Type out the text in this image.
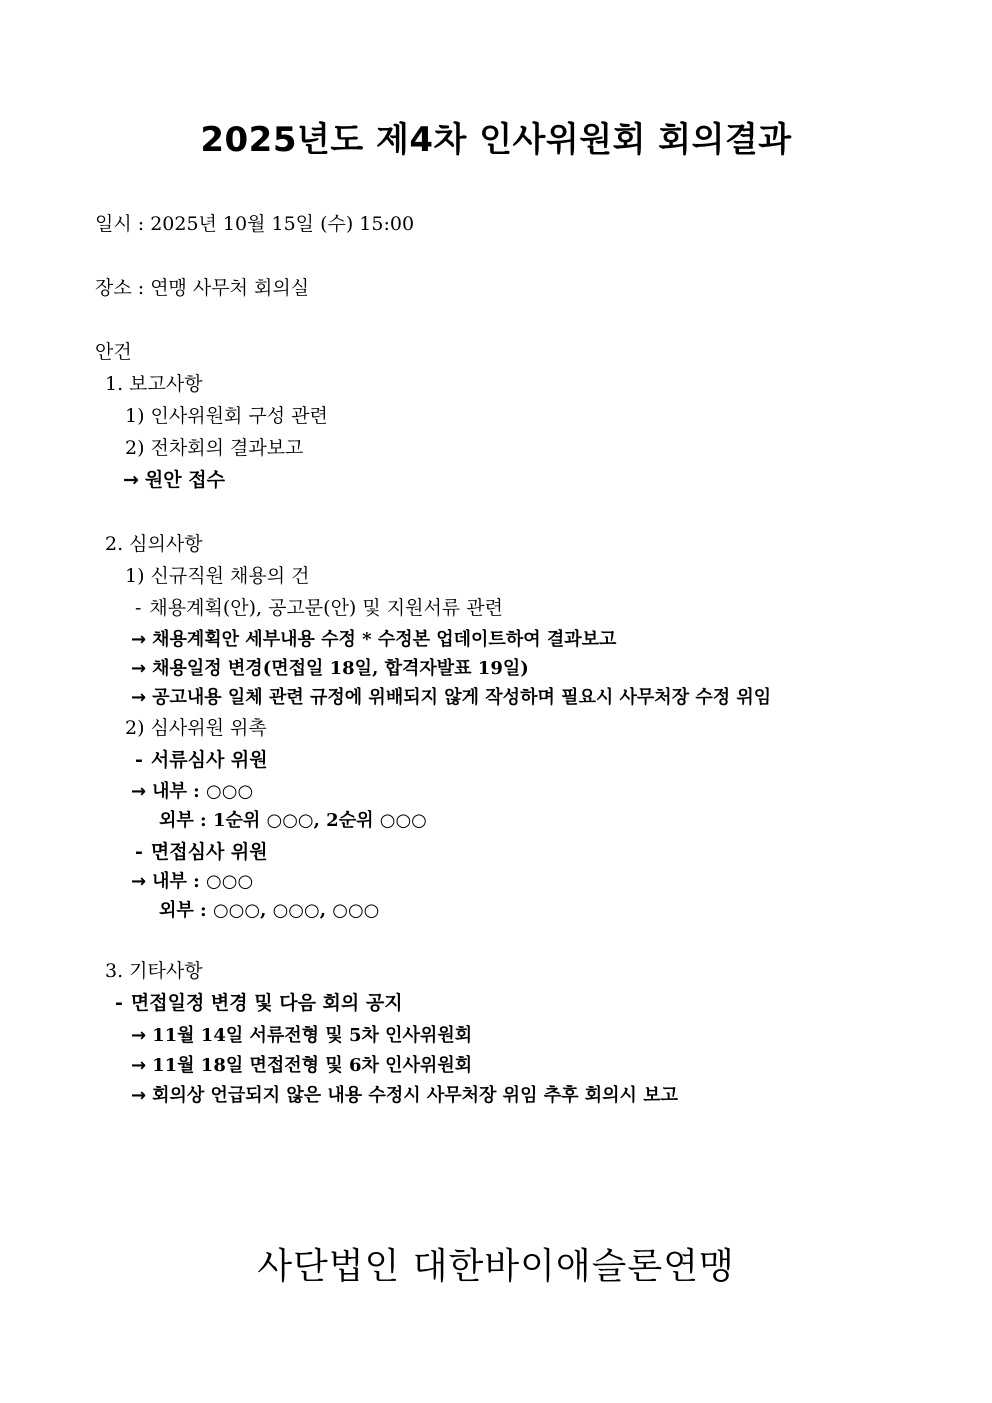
2025년도 제4차 인사위원회 회의결과
일시 : 2025년 10월 15일 (수) 15:00
장소 : 연맹 사무처 회의실
안건
1. 보고사항
1) 인사위원회 구성 관련
2) 전차회의 결과보고
→ 원안 접수
2. 심의사항
1) 신규직원 채용의 건
- 채용계획(안), 공고문(안) 및 지원서류 관련
→ 채용계획안 세부내용 수정 * 수정본 업데이트하여 결과보고
→ 채용일정 변경(면접일 18일, 합격자발표 19일)
→ 공고내용 일체 관련 규정에 위배되지 않게 작성하며 필요시 사무처장 수정 위임
2) 심사위원 위촉
- 서류심사 위원
→ 내부 : ○○○
외부 : 1순위 ○○○, 2순위 ○○○
- 면접심사 위원
→ 내부 : ○○○
외부 : ○○○, ○○○, ○○○
3. 기타사항
- 면접일정 변경 및 다음 회의 공지
→ 11월 14일 서류전형 및 5차 인사위원회
→ 11월 18일 면접전형 및 6차 인사위원회
→ 회의상 언급되지 않은 내용 수정시 사무처장 위임 추후 회의시 보고
사단법인 대한바이애슬론연맹
